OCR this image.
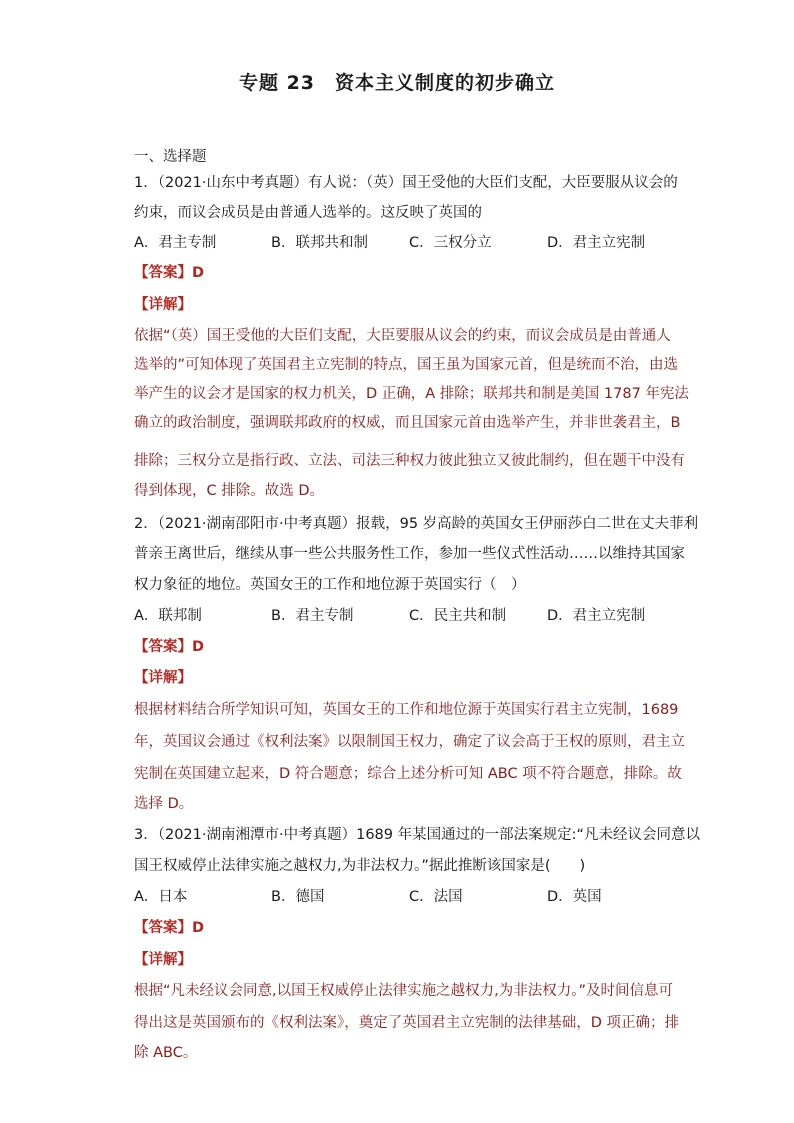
专题 23　资本主义制度的初步确立
一、选择题
1．（2021·山东中考真题）有人说：（英）国王受他的大臣们支配，大臣要服从议会的
约束，而议会成员是由普通人选举的。这反映了英国的
A．君主专制	B．联邦共和制	C．三权分立	D．君主立宪制
【答案】D
【详解】
依据“（英）国王受他的大臣们支配，大臣要服从议会的约束，而议会成员是由普通人
选举的”可知体现了英国君主立宪制的特点，国王虽为国家元首，但是统而不治，由选
举产生的议会才是国家的权力机关，D 正确，A 排除；联邦共和制是美国 1787 年宪法
确立的政治制度，强调联邦政府的权威，而且国家元首由选举产生，并非世袭君主，B
排除；三权分立是指行政、立法、司法三种权力彼此独立又彼此制约，但在题干中没有
得到体现，C 排除。故选 D。
2．（2021·湖南邵阳市·中考真题）报载，95 岁高龄的英国女王伊丽莎白二世在丈夫菲利
普亲王离世后，继续从事一些公共服务性工作，参加一些仪式性活动……以维持其国家
权力象征的地位。英国女王的工作和地位源于英国实行（　）
A．联邦制	B．君主专制	C．民主共和制	D．君主立宪制
【答案】D
【详解】
根据材料结合所学知识可知，英国女王的工作和地位源于英国实行君主立宪制，1689
年，英国议会通过《权利法案》以限制国王权力，确定了议会高于王权的原则，君主立
宪制在英国建立起来，D 符合题意；综合上述分析可知 ABC 项不符合题意，排除。故
选择 D。
3．（2021·湖南湘潭市·中考真题）1689 年某国通过的一部法案规定:“凡未经议会同意以
国王权威停止法律实施之越权力,为非法权力。”据此推断该国家是(　　)
A．日本	B．德国	C．法国	D．英国
【答案】D
【详解】
根据“凡未经议会同意,以国王权威停止法律实施之越权力,为非法权力。”及时间信息可
得出这是英国颁布的《权利法案》，奠定了英国君主立宪制的法律基础，D 项正确；排
除 ABC。
